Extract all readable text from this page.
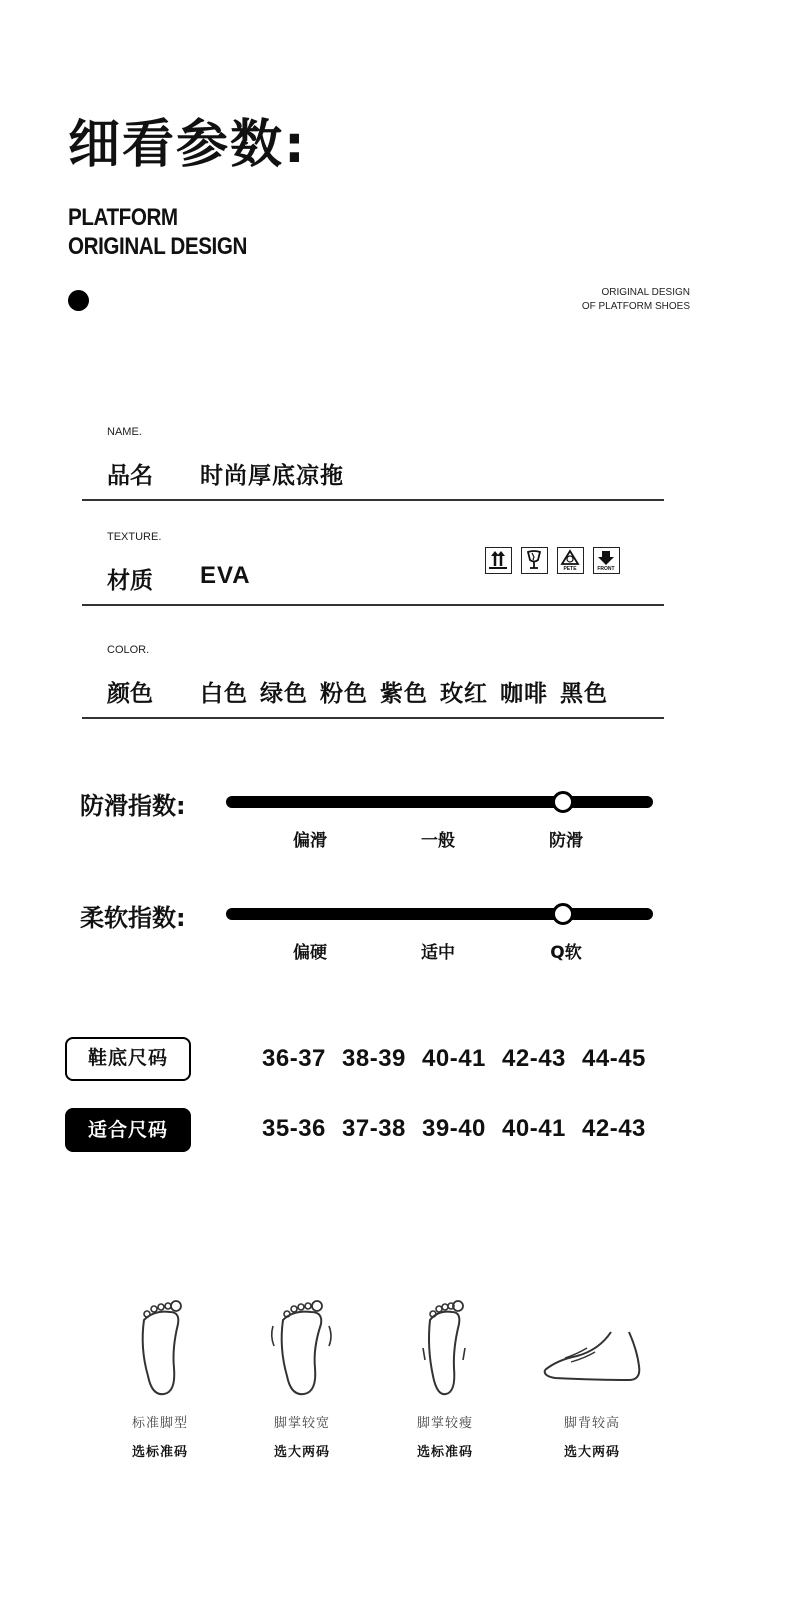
细看参数:
PLATFORM
ORIGINAL DESIGN
ORIGINAL DESIGN
OF PLATFORM SHOES
NAME.
品名 时尚厚底凉拖
TEXTURE.
材质 EVA	PETE	FRONT
COLOR.
颜色 白色 绿色 粉色 紫色 玫红 咖啡 黑色
防滑指数:
偏滑	一般	防滑
柔软指数:
偏硬	适中	Q软
鞋底尺码	36-37 38-39 40-41 42-43 44-45
适合尺码	35-36 37-38 39-40 40-41 42-43
标准脚型
选标准码
脚掌较宽
选大两码
脚掌较瘦
选标准码
脚背较高
选大两码
